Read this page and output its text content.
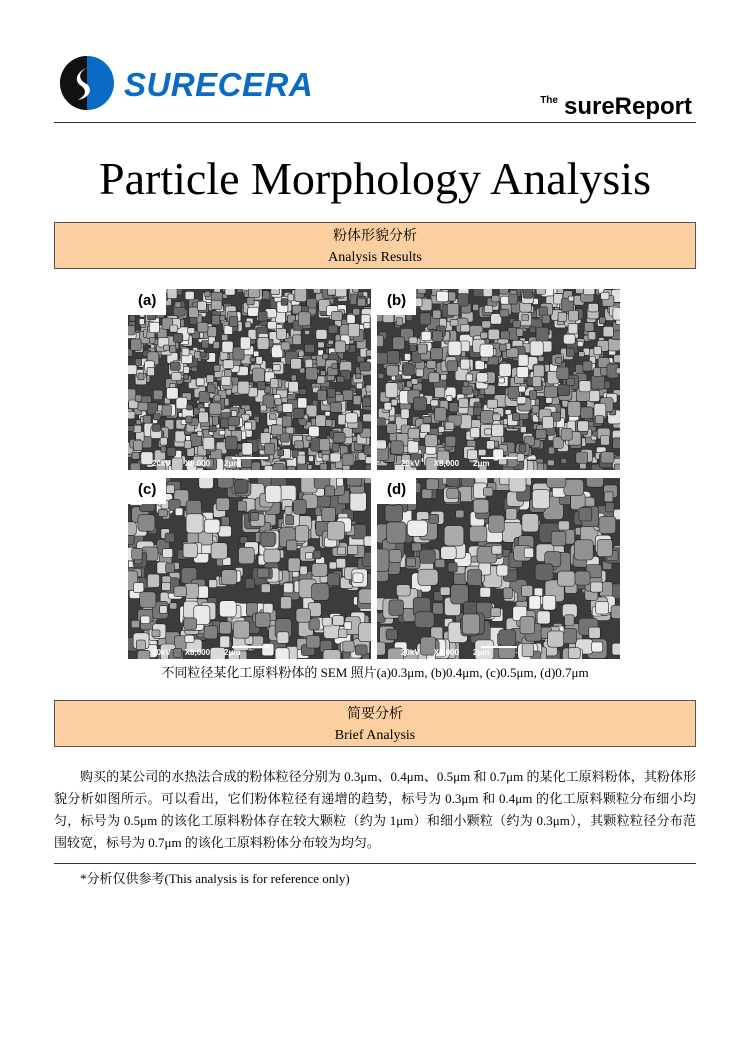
SURECERA	$^{The}$ sureReport
Particle Morphology Analysis
粉体形貌分析
Analysis Results
(a)
20kV X8,000 2μm
(b)
20kV X8,000 2μm
(c)
20kV X8,000 2μm
(d)
20kV X8,000 2μm
不同粒径某化工原料粉体的 SEM 照片(a)0.3μm, (b)0.4μm, (c)0.5μm, (d)0.7μm
简要分析
Brief Analysis

购买的某公司的水热法合成的粉体粒径分别为 0.3μm、0.4μm、0.5μm 和 0.7μm 的某化工原料粉体，其粉体形貌分析如图所示。可以看出，它们粉体粒径有递增的趋势，标号为 0.3μm 和 0.4μm 的化工原料颗粒分布细小均匀，标号为 0.5μm 的该化工原料粉体存在较大颗粒（约为 1μm）和细小颗粒（约为 0.3μm），其颗粒粒径分布范围较宽，标号为 0.7μm 的该化工原料粉体分布较为均匀。

*分析仅供参考(This analysis is for reference only)
